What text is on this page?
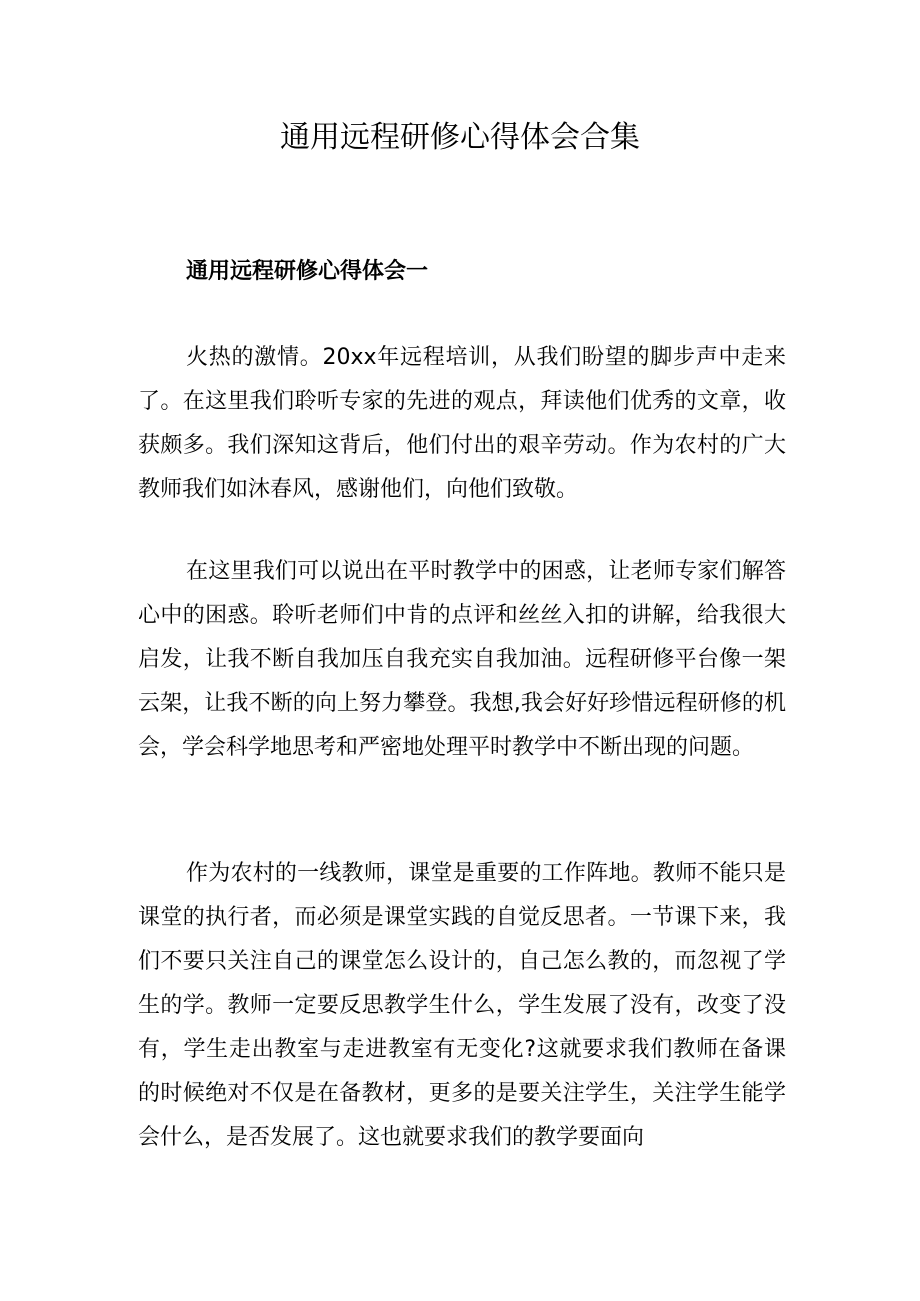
通用远程研修心得体会合集
通用远程研修心得体会一

火热的激情。20xx年远程培训，从我们盼望的脚步声中走来了。在这里我们聆听专家的先进的观点，拜读他们优秀的文章，收获颇多。我们深知这背后，他们付出的艰辛劳动。作为农村的广大教师我们如沐春风，感谢他们，向他们致敬。

在这里我们可以说出在平时教学中的困惑，让老师专家们解答心中的困惑。聆听老师们中肯的点评和丝丝入扣的讲解，给我很大启发，让我不断自我加压自我充实自我加油。远程研修平台像一架云架，让我不断的向上努力攀登。我想,我会好好珍惜远程研修的机会，学会科学地思考和严密地处理平时教学中不断出现的问题。

作为农村的一线教师，课堂是重要的工作阵地。教师不能只是课堂的执行者，而必须是课堂实践的自觉反思者。一节课下来，我们不要只关注自己的课堂怎么设计的，自己怎么教的，而忽视了学生的学。教师一定要反思教学生什么，学生发展了没有，改变了没有，学生走出教室与走进教室有无变化?这就要求我们教师在备课的时候绝对不仅是在备教材，更多的是要关注学生，关注学生能学会什么，是否发展了。这也就要求我们的教学要面向
